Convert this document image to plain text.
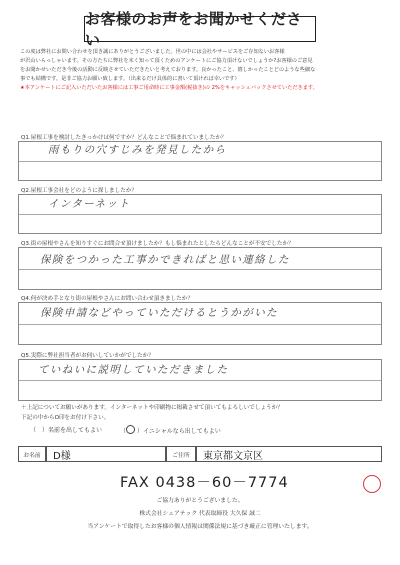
お客様のお声をお聞かせください

この度は弊社にお問い合わせを頂き誠にありがとうございました。世の中には会社やサービスをご存知ないお客様

が沢山いらっしゃいます。その方たちに弊社を末く知って頂くためのアンケートにご協力頂けないでしょうか?お客様のご意見

をお聞かせいただき今後の活動に反映させていただきたいと考えております。良かったこと、嬉しかったことどのような些細な

事でも結構です。是非ご協力お願い致します。（出来るだけ具体的に書いて頂ければ幸いです）

★本アンケートにご記入いただいたお客様には工事ご用命時に工事金額(税抜き)の 2%をキャッシュバックさせていただきます。

Q1.屋根工事を検討したきっかけは何ですか？どんなことで悩まれていましたか？
雨もりの穴すじみを発見したから
Q2.屋根工事会社をどのように探しましたか？
インターネット
Q3.街の屋根やさんを知りすぐにお問合せ頂けましたか？もし悩まれたとしたらどんなことが不安でしたか？
保険をつかった工事かできればと思い連絡した
Q4.何が決め手となり街の屋根やさんにお問い合わせ頂きましたか？
保険申請などやっていただけるとうかがいた
Q5.実際に弊社担当者がお伺いしていかがでしたか？
ていねいに説明していただきました
＋上記についてお願いがあります。インターネットや印刷物に掲載させて頂いてもよろしいでしょうか？
下記の中からO印をお付け下さい。
（　）名前を出してもよい	（○ ）イニシャルなら出してもよい
お名前	D様	ご住所	東京都文京区
FAX 0438－60－7774
ご協力ありがとうございました。
株式会社シェアテック 代表取締役 大久保 誠二
当アンケートで取得したお客様の個人情報は関係法規に基づき厳正に管理いたします。
